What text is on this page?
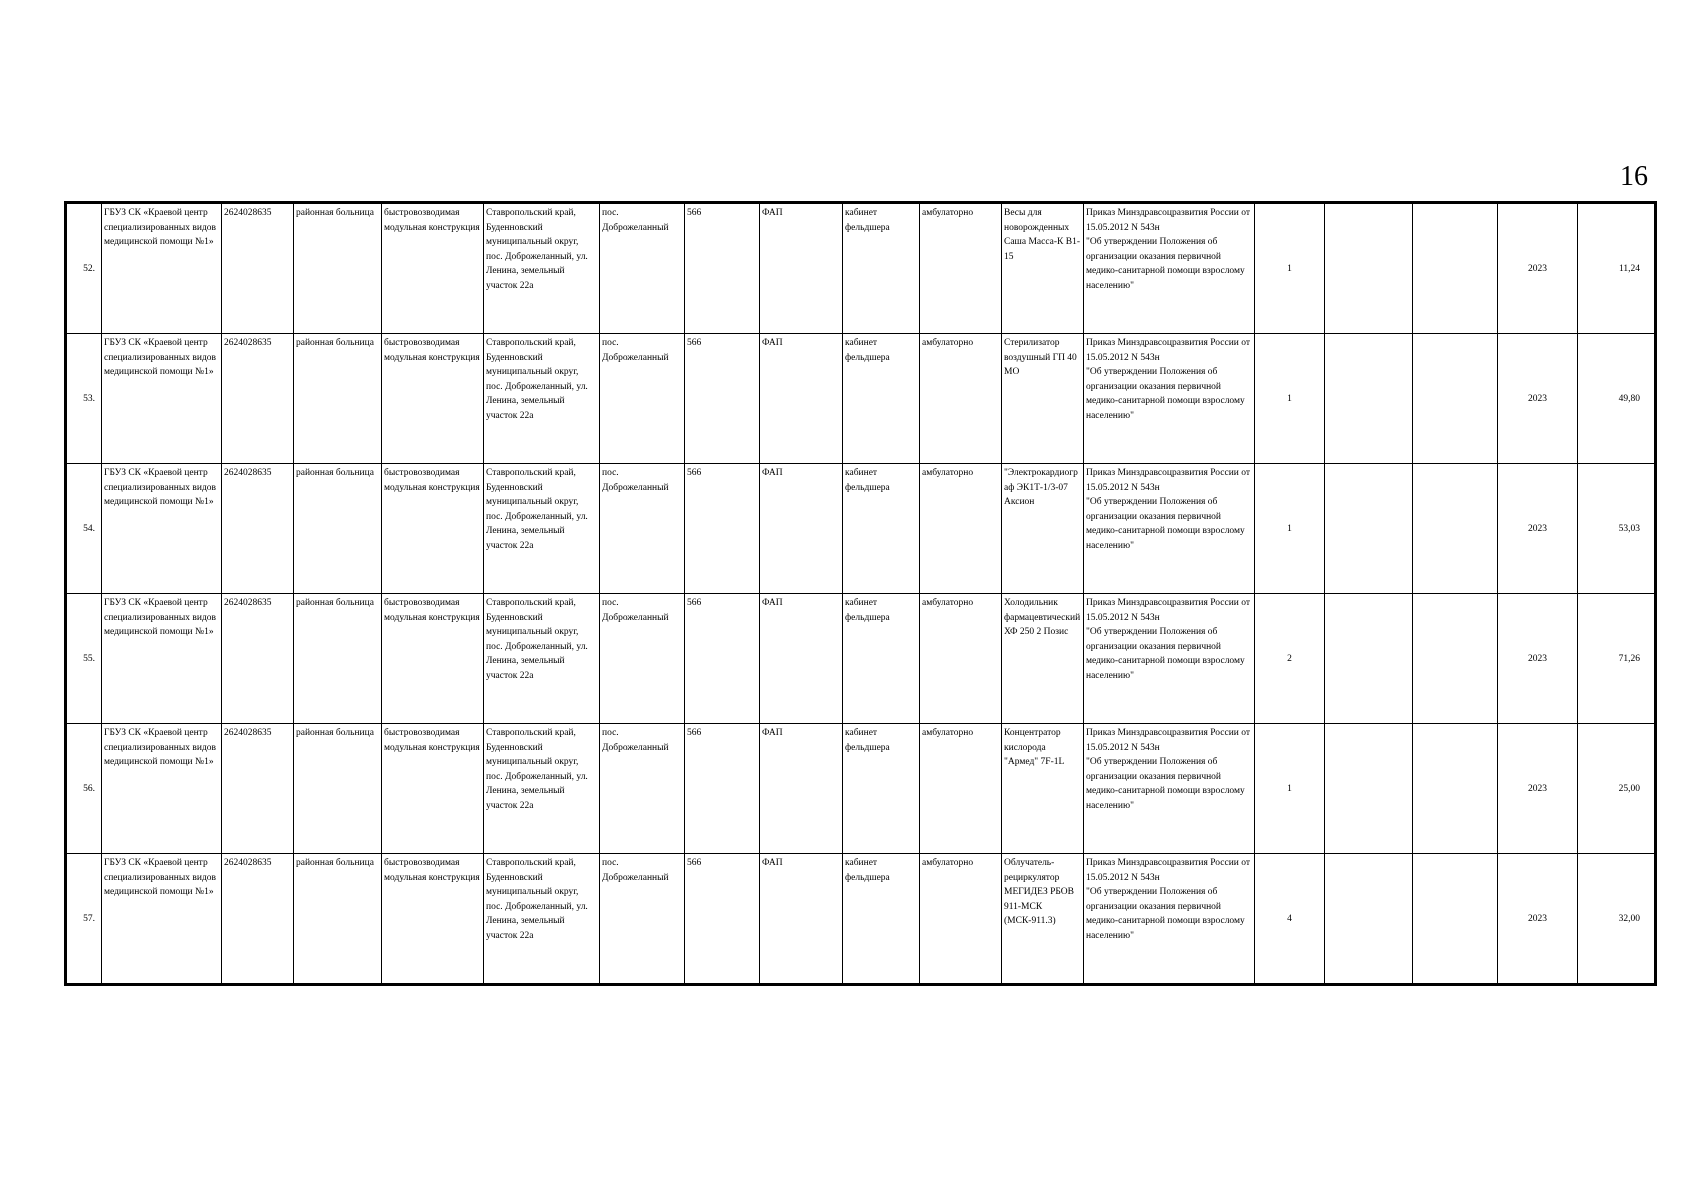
16
52.	ГБУЗ СК «Краевой центр специализированных видов медицинской помощи №1»	2624028635	районная больница	быстровозводимая модульная конструкция	Ставропольский край, Буденновский муниципальный округ, пос. Доброжеланный, ул. Ленина, земельный участок 22а	пос. Доброжеланный	566	ФАП	кабинет фельдшера	амбулаторно	Весы для новорожденных Саша Масса-К В1-15	Приказ Минздравсоцразвития России от 15.05.2012 N 543н
"Об утверждении Положения об организации оказания первичной медико-санитарной помощи взрослому населению"	1			2023	11,24
53.	ГБУЗ СК «Краевой центр специализированных видов медицинской помощи №1»	2624028635	районная больница	быстровозводимая модульная конструкция	Ставропольский край, Буденновский муниципальный округ, пос. Доброжеланный, ул. Ленина, земельный участок 22а	пос. Доброжеланный	566	ФАП	кабинет фельдшера	амбулаторно	Стерилизатор воздушный ГП 40 МО	Приказ Минздравсоцразвития России от 15.05.2012 N 543н
"Об утверждении Положения об организации оказания первичной медико-санитарной помощи взрослому населению"	1			2023	49,80
54.	ГБУЗ СК «Краевой центр специализированных видов медицинской помощи №1»	2624028635	районная больница	быстровозводимая модульная конструкция	Ставропольский край, Буденновский муниципальный округ, пос. Доброжеланный, ул. Ленина, земельный участок 22а	пос. Доброжеланный	566	ФАП	кабинет фельдшера	амбулаторно	"Электрокардиограф ЭК1Т-1/3-07 Аксион	Приказ Минздравсоцразвития России от 15.05.2012 N 543н
"Об утверждении Положения об организации оказания первичной медико-санитарной помощи взрослому населению"	1			2023	53,03
55.	ГБУЗ СК «Краевой центр специализированных видов медицинской помощи №1»	2624028635	районная больница	быстровозводимая модульная конструкция	Ставропольский край, Буденновский муниципальный округ, пос. Доброжеланный, ул. Ленина, земельный участок 22а	пос. Доброжеланный	566	ФАП	кабинет фельдшера	амбулаторно	Холодильник фармацевтический ХФ 250 2 Позис	Приказ Минздравсоцразвития России от 15.05.2012 N 543н
"Об утверждении Положения об организации оказания первичной медико-санитарной помощи взрослому населению"	2			2023	71,26
56.	ГБУЗ СК «Краевой центр специализированных видов медицинской помощи №1»	2624028635	районная больница	быстровозводимая модульная конструкция	Ставропольский край, Буденновский муниципальный округ, пос. Доброжеланный, ул. Ленина, земельный участок 22а	пос. Доброжеланный	566	ФАП	кабинет фельдшера	амбулаторно	Концентратор кислорода "Армед" 7F-1L	Приказ Минздравсоцразвития России от 15.05.2012 N 543н
"Об утверждении Положения об организации оказания первичной медико-санитарной помощи взрослому населению"	1			2023	25,00
57.	ГБУЗ СК «Краевой центр специализированных видов медицинской помощи №1»	2624028635	районная больница	быстровозводимая модульная конструкция	Ставропольский край, Буденновский муниципальный округ, пос. Доброжеланный, ул. Ленина, земельный участок 22а	пос. Доброжеланный	566	ФАП	кабинет фельдшера	амбулаторно	Облучатель-рециркулятор МЕГИДЕЗ РБОВ 911-МСК (МСК-911.3)	Приказ Минздравсоцразвития России от 15.05.2012 N 543н
"Об утверждении Положения об организации оказания первичной медико-санитарной помощи взрослому населению"	4			2023	32,00
